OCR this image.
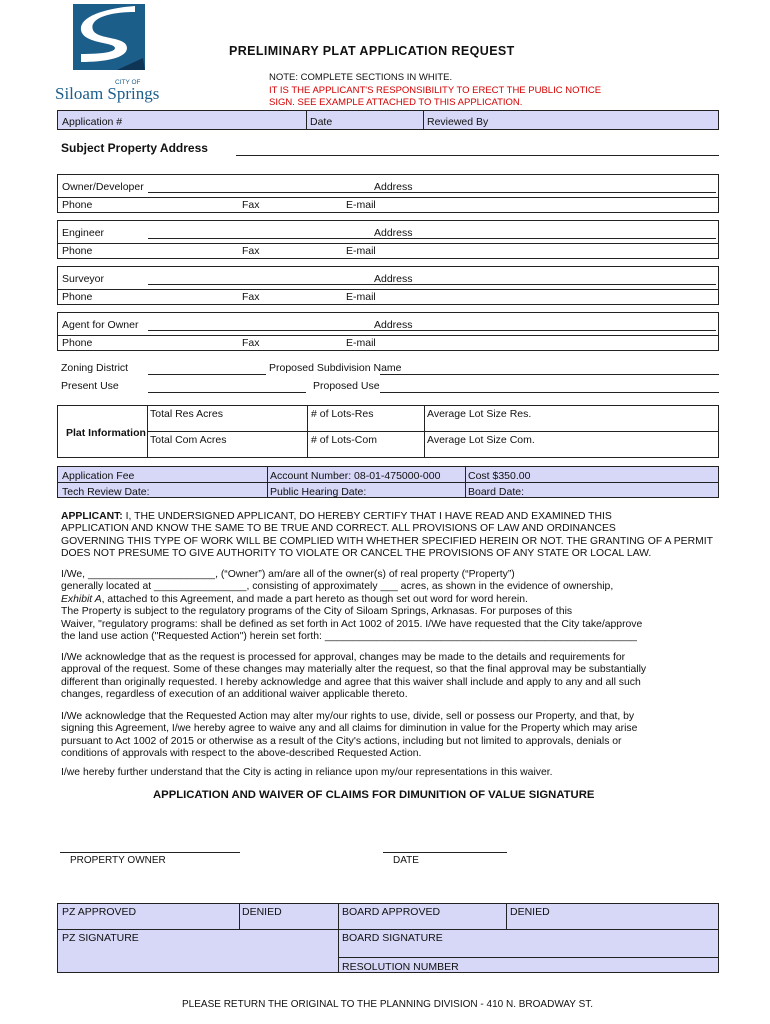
CITY OF
Siloam Springs
PRELIMINARY PLAT APPLICATION REQUEST
NOTE: COMPLETE SECTIONS IN WHITE.
IT IS THE APPLICANT'S RESPONSIBILITY TO ERECT THE PUBLIC NOTICE
SIGN. SEE EXAMPLE ATTACHED TO THIS APPLICATION.
Application #	Date	Reviewed By
Subject Property Address
Owner/Developer	Address
Phone	Fax	E-mail
Engineer	Address
Phone	Fax	E-mail
Surveyor	Address
Phone	Fax	E-mail
Agent for Owner	Address
Phone	Fax	E-mail
Zoning District	Proposed Subdivision Name
Present Use	Proposed Use
Plat Information
Total Res Acres	# of Lots-Res	Average Lot Size Res.
Total Com Acres	# of Lots-Com	Average Lot Size Com.
Application Fee	Account Number: 08-01-475000-000	Cost $350.00
Tech Review Date:	Public Hearing Date:	Board Date:

APPLICANT: I, THE UNDERSIGNED APPLICANT, DO HEREBY CERTIFY THAT I HAVE READ AND EXAMINED THIS

APPLICATION AND KNOW THE SAME TO BE TRUE AND CORRECT. ALL PROVISIONS OF LAW AND ORDINANCES

GOVERNING THIS TYPE OF WORK WILL BE COMPLIED WITH WHETHER SPECIFIED HEREIN OR NOT. THE GRANTING OF A PERMIT

DOES NOT PRESUME TO GIVE AUTHORITY TO VIOLATE OR CANCEL THE PROVISIONS OF ANY STATE OR LOCAL LAW.

I/We, ______________________, (“Owner”) am/are all of the owner(s) of real property (“Property”)

generally located at ________________, consisting of approximately ___ acres, as shown in the evidence of ownership,

Exhibit A, attached to this Agreement, and made a part hereto as though set out word for word herein.

The Property is subject to the regulatory programs of the City of Siloam Springs, Arknasas. For purposes of this

Waiver, "regulatory programs: shall be defined as set forth in Act 1002 of 2015. I/We have requested that the City take/approve

the land use action ("Requested Action") herein set forth: ______________________________________________________

I/We acknowledge that as the request is processed for approval, changes may be made to the details and requirements for

approval of the request. Some of these changes may materially alter the request, so that the final approval may be substantially

different than originally requested. I hereby acknowledge and agree that this waiver shall include and apply to any and all such

changes, regardless of execution of an additional waiver applicable thereto.

I/We acknowledge that the Requested Action may alter my/our rights to use, divide, sell or possess our Property, and that, by

signing this Agreement, I/we hereby agree to waive any and all claims for diminution in value for the Property which may arise

pursuant to Act 1002 of 2015 or otherwise as a result of the City's actions, including but not limited to approvals, denials or

conditions of approvals with respect to the above-described Requested Action.

I/we hereby further understand that the City is acting in reliance upon my/our representations in this waiver.

APPLICATION AND WAIVER OF CLAIMS FOR DIMUNITION OF VALUE SIGNATURE
PROPERTY OWNER	DATE
PZ APPROVED	DENIED	BOARD APPROVED	DENIED
PZ SIGNATURE	BOARD SIGNATURE
RESOLUTION NUMBER
PLEASE RETURN THE ORIGINAL TO THE PLANNING DIVISION - 410 N. BROADWAY ST.
